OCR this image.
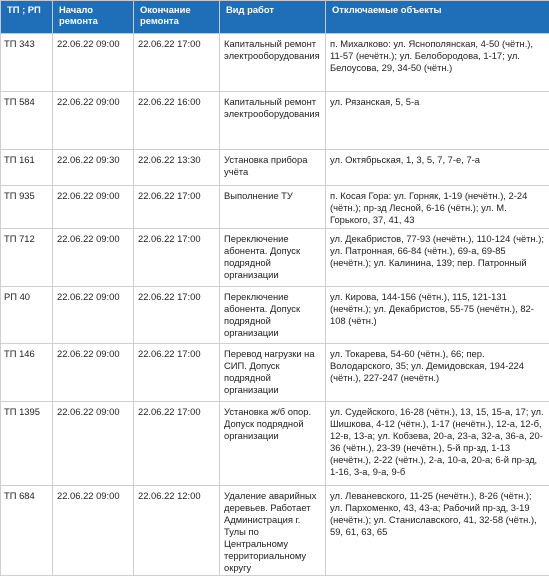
ТП ; РП	Начало ремонта	Окончание ремонта	Вид работ	Отключаемые объекты
ТП 343	22.06.22 09:00	22.06.22 17:00	Капитальный ремонт электрооборудования	п. Михалково: ул. Яснополянская, 4-50 (чётн.), 11-57 (нечётн.); ул. Белобородова, 1-17; ул. Белоусова, 29, 34-50 (чётн.)
ТП 584	22.06.22 09:00	22.06.22 16:00	Капитальный ремонт электрооборудования	ул. Рязанская, 5, 5-а
ТП 161	22.06.22 09:30	22.06.22 13:30	Установка прибора учёта	ул. Октябрьская, 1, 3, 5, 7, 7-е, 7-а
ТП 935	22.06.22 09:00	22.06.22 17:00	Выполнение ТУ	п. Косая Гора: ул. Горняк, 1-19 (нечётн.), 2-24 (чётн.); пр-зд Лесной, 6-16 (чётн.); ул. М. Горького, 37, 41, 43
ТП 712	22.06.22 09:00	22.06.22 17:00	Переключение абонента. Допуск подрядной организации	ул. Декабристов, 77-93 (нечётн.), 110-124 (чётн.); ул. Патронная, 66-84 (чётн.), 69-а, 69-85 (нечётн.); ул. Калинина, 139; пер. Патронный
РП 40	22.06.22 09:00	22.06.22 17:00	Переключение абонента. Допуск подрядной организации	ул. Кирова, 144-156 (чётн.), 115, 121-131 (нечётн.); ул. Декабристов, 55-75 (нечётн.), 82-108 (чётн.)
ТП 146	22.06.22 09:00	22.06.22 17:00	Перевод нагрузки на СИП. Допуск подрядной организации	ул. Токарева, 54-60 (чётн.), 66; пер. Володарского, 35; ул. Демидовская, 194-224 (чётн.), 227-247 (нечётн.)
ТП 1395	22.06.22 09:00	22.06.22 17:00	Установка ж/б опор. Допуск подрядной организации	ул. Судейского, 16-28 (чётн.), 13, 15, 15-а, 17; ул. Шишкова, 4-12 (чётн.), 1-17 (нечётн.), 12-а, 12-б, 12-в, 13-а; ул. Кобзева, 20-а, 23-а, 32-а, 36-а, 20-36 (чётн.), 23-39 (нечётн.), 5-й пр-зд, 1-13 (нечётн.), 2-22 (чётн.), 2-а, 10-а, 20-а; 6-й пр-зд, 1-16, 3-а, 9-а, 9-б
ТП 684	22.06.22 09:00	22.06.22 12:00	Удаление аварийных деревьев. Работает Администрация г. Тулы по Центральному территориальному округу	ул. Леваневского, 11-25 (нечётн.), 8-26 (чётн.); ул. Пархоменко, 43, 43-а; Рабочий пр-зд, 3-19 (нечётн.); ул. Станиславского, 41, 32-58 (чётн.), 59, 61, 63, 65
